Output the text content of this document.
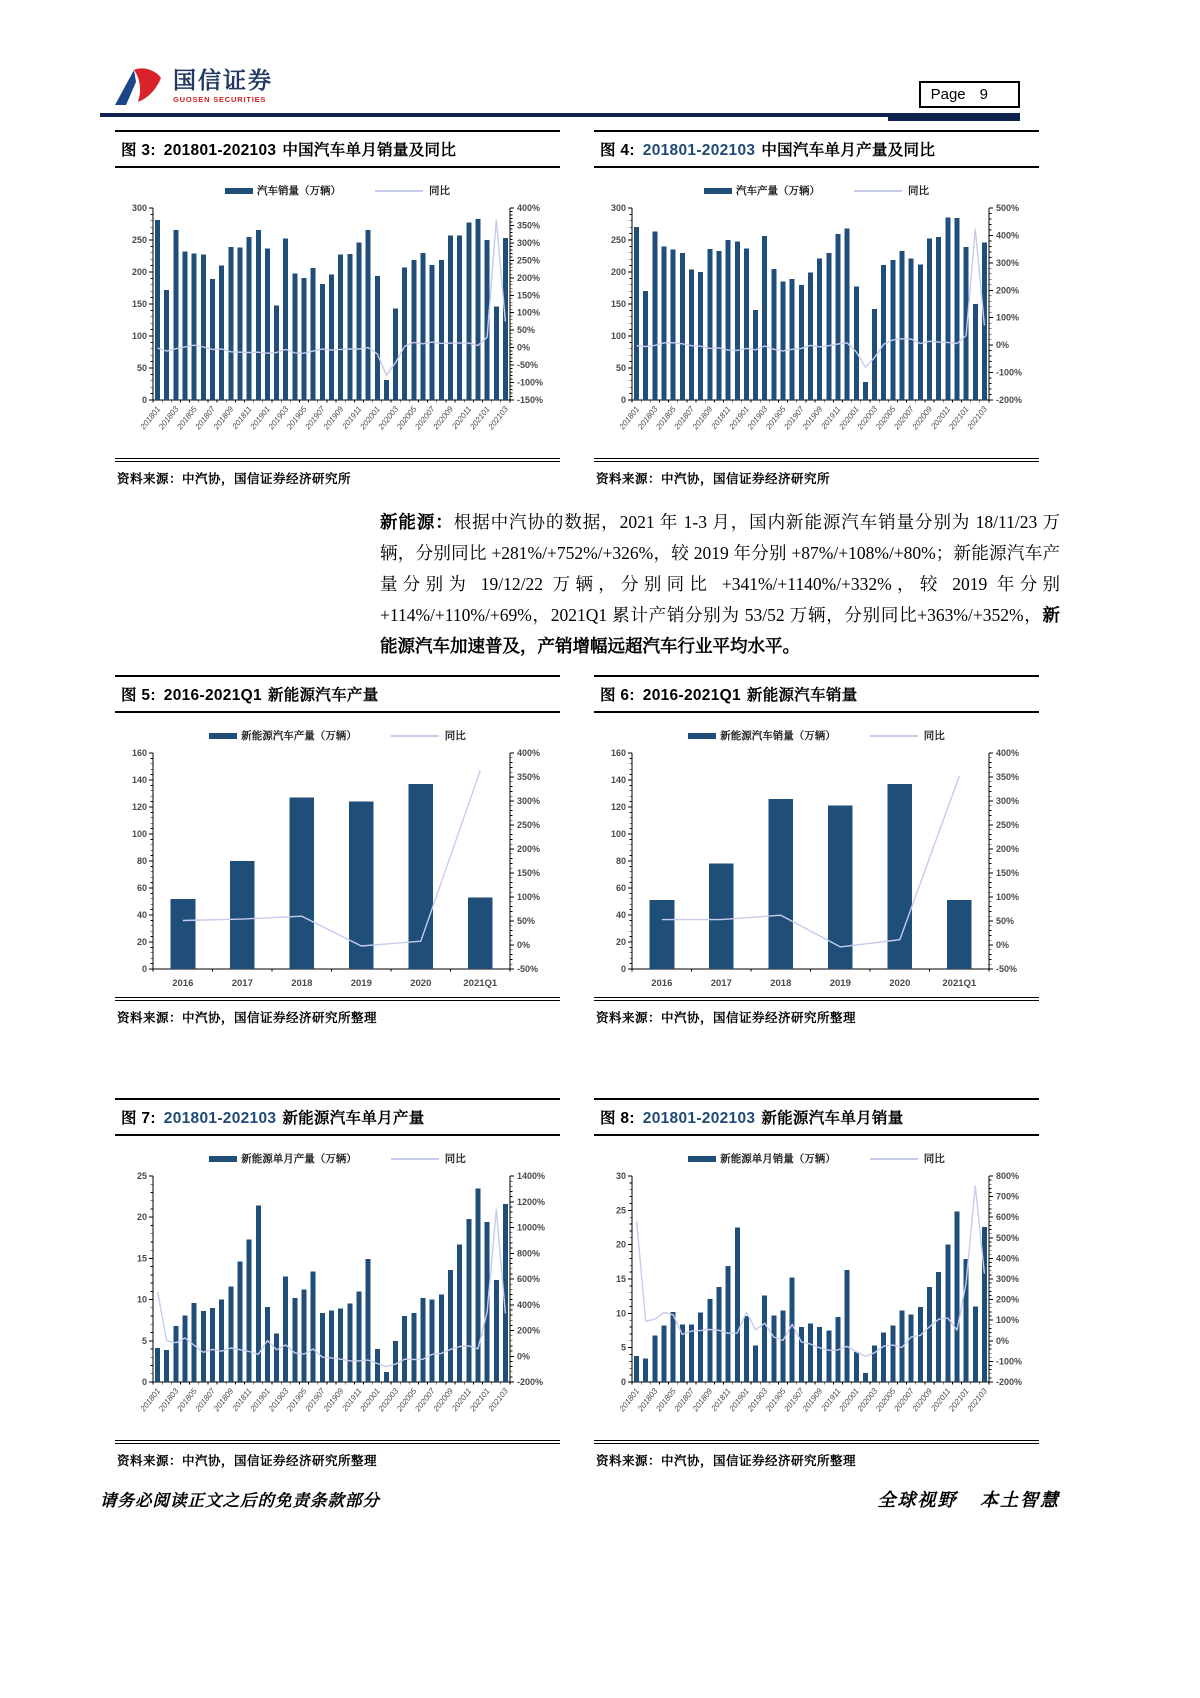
国信证券
GUOSEN SECURITIES	Page 9
图 3: 201801-202103 中国汽车单月销量及同比
汽车销量（万辆）	同比
0
50
100
150
200
250
300	400%
350%
300%
250%
200%
150%
100%
50%
0%
-50%
-100%
-150%
201801
201803
201805
201807
201809
201811
201901
201903
201905
201907
201909
201911
202001
202003
202005
202007
202009
202011
202101
202103
资料来源：中汽协，国信证券经济研究所
图 4: 201801-202103 中国汽车单月产量及同比
汽车产量（万辆）	同比
0
50
100
150
200
250
300	500%
400%
300%
200%
100%
0%
-100%
-200%
201801
201803
201805
201807
201809
201811
201901
201903
201905
201907
201909
201911
202001
202003
202005
202007
202009
202011
202101
202103
资料来源：中汽协，国信证券经济研究所
新能源：根据中汽协的数据，2021 年 1-3 月，国内新能源汽车销量分别为 18/11/23 万辆，分别同比 +281%/+752%/+326%，较 2019 年分别 +87%/+108%/+80%；新能源汽车产量分别为 19/12/22 万辆，分别同比 +341%/+1140%/+332%，较 2019 年分别+114%/+110%/+69%，2021Q1 累计产销分别为 53/52 万辆，分别同比+363%/+352%，新能源汽车加速普及，产销增幅远超汽车行业平均水平。
图 5: 2016-2021Q1 新能源汽车产量
新能源汽车产量（万辆）	同比
0
20
40
60
80
100
120
140
160	400%
350%
300%
250%
200%
150%
100%
50%
0%
-50%
2016	2017	2018	2019	2020	2021Q1
资料来源：中汽协，国信证券经济研究所整理
图 6: 2016-2021Q1 新能源汽车销量
新能源汽车销量（万辆）	同比
0
20
40
60
80
100
120
140
160	400%
350%
300%
250%
200%
150%
100%
50%
0%
-50%
2016	2017	2018	2019	2020	2021Q1
资料来源：中汽协，国信证券经济研究所整理
图 7: 201801-202103 新能源汽车单月产量
新能源单月产量（万辆）	同比
0
5
10
15
20
25	1400%
1200%
1000%
800%
600%
400%
200%
0%
-200%
201801
201803
201805
201807
201809
201811
201901
201903
201905
201907
201909
201911
202001
202003
202005
202007
202009
202011
202101
202103
资料来源：中汽协，国信证券经济研究所整理
图 8: 201801-202103 新能源汽车单月销量
新能源单月销量（万辆）	同比
0
5
10
15
20
25
30	800%
700%
600%
500%
400%
300%
200%
100%
0%
-100%
-200%
201801
201803
201805
201807
201809
201811
201901
201903
201905
201907
201909
201911
202001
202003
202005
202007
202009
202011
202101
202103
资料来源：中汽协，国信证券经济研究所整理
请务必阅读正文之后的免责条款部分	全球视野 本土智慧
